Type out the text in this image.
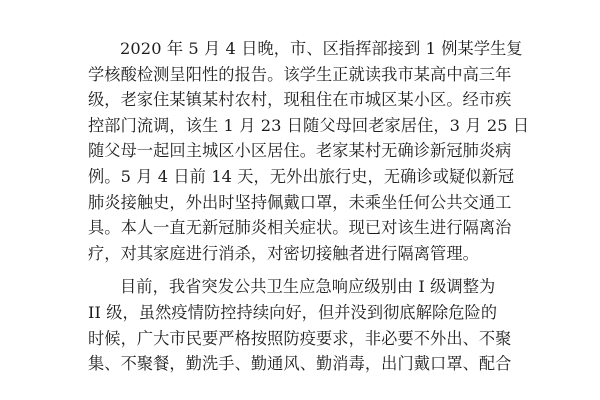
2020 年 5 月 4 日晚，市、区指挥部接到 1 例某学生复
学核酸检测呈阳性的报告。该学生正就读我市某高中高三年
级，老家住某镇某村农村，现租住在市城区某小区。经市疾
控部门流调，该生 1 月 23 日随父母回老家居住，3 月 25 日
随父母一起回主城区小区居住。老家某村无确诊新冠肺炎病
例。5 月 4 日前 14 天，无外出旅行史，无确诊或疑似新冠
肺炎接触史，外出时坚持佩戴口罩，未乘坐任何公共交通工
具。本人一直无新冠肺炎相关症状。现已对该生进行隔离治
疗，对其家庭进行消杀，对密切接触者进行隔离管理。
目前，我省突发公共卫生应急响应级别由 I 级调整为
II 级，虽然疫情防控持续向好，但并没到彻底解除危险的
时候，广大市民要严格按照防疫要求，非必要不外出、不聚
集、不聚餐，勤洗手、勤通风、勤消毒，出门戴口罩、配合
